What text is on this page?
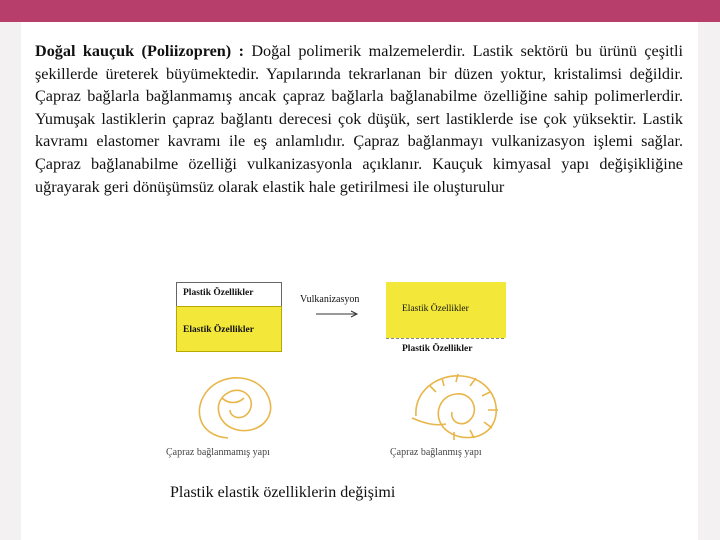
Doğal kauçuk (Poliizopren) : Doğal polimerik malzemelerdir. Lastik sektörü bu ürünü çeşitli şekillerde üreterek büyümektedir. Yapılarında tekrarlanan bir düzen yoktur, kristalimsi değildir. Çapraz bağlarla bağlanmamış ancak çapraz bağlarla bağlanabilme özelliğine sahip polimerlerdir. Yumuşak lastiklerin çapraz bağlantı derecesi çok düşük, sert lastiklerde ise çok yüksektir. Lastik kavramı elastomer kavramı ile eş anlamlıdır. Çapraz bağlanmayı vulkanizasyon işlemi sağlar. Çapraz bağlanabilme özelliği vulkanizasyonla açıklanır. Kauçuk kimyasal yapı değişikliğine uğrayarak geri dönüşümsüz olarak elastik hale getirilmesi ile oluşturulur

Plastik Özellikler
Elastik Özellikler
Vulkanizasyon
Elastik Özellikler
Plastik Özellikler
Çapraz bağlanmamış yapı	Çapraz bağlanmış yapı
Plastik elastik özelliklerin değişimi
